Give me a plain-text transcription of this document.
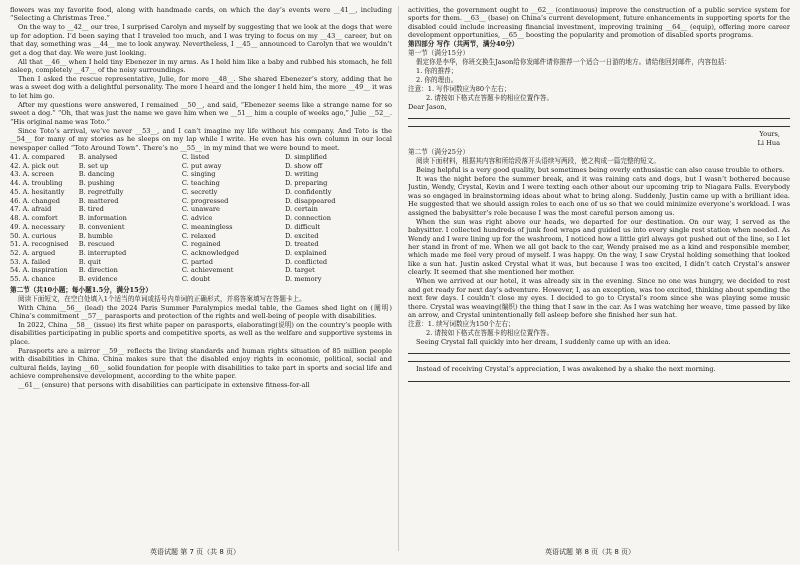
flowers was my favorite food, along with handmade cards, on which the day’s events were __41__, including “Selecting a Christmas Tree.”

On the way to __42__ our tree, I surprised Carolyn and myself by suggesting that we look at the dogs that were up for adoption. I’d been saying that I traveled too much, and I was trying to focus on my __43__ career, but on that day, something was __44__ me to look anyway. Nevertheless, I __45__ announced to Carolyn that we wouldn’t get a dog that day. We were just looking.

All that __46__ when I held tiny Ebenezer in my arms. As I held him like a baby and rubbed his stomach, he fell asleep, completely __47__ of the noisy surroundings.

Then I asked the rescue representative, Julie, for more __48__. She shared Ebenezer’s story, adding that he was a sweet dog with a delightful personality. The more I heard and the longer I held him, the more __49__ it was to let him go.

After my questions were answered, I remained __50__, and said, “Ebenezer seems like a strange name for so sweet a dog.” “Oh, that was just the name we gave him when we __51__ him a couple of weeks ago,” Julie __52__. “His original name was Toto.”

Since Toto’s arrival, we’ve never __53__, and I can’t imagine my life without his company. And Toto is the __54__ for many of my stories as he sleeps on my lap while I write. He even has his own column in our local newspaper called “Toto Around Town”. There’s no __55__ in my mind that we were bound to meet.

41. A. compared	B. analysed	C. listed	D. simplified
42. A. pick out	B. set up	C. put away	D. show off
43. A. screen	B. dancing	C. singing	D. writing
44. A. troubling	B. pushing	C. teaching	D. preparing
45. A. hesitantly	B. regretfully	C. secretly	D. confidently
46. A. changed	B. mattered	C. progressed	D. disappeared
47. A. afraid	B. tired	C. unaware	D. certain
48. A. comfort	B. information	C. advice	D. connection
49. A. necessary	B. convenient	C. meaningless	D. difficult
50. A. curious	B. humble	C. relaxed	D. excited
51. A. recognised	B. rescued	C. regained	D. treated
52. A. argued	B. interrupted	C. acknowledged	D. explained
53. A. failed	B. quit	C. parted	D. conflicted
54. A. inspiration	B. direction	C. achievement	D. target
55. A. chance	B. evidence	C. doubt	D. memory

第二节（共10小题；每小题1.5分，满分15分）

阅读下面短文，在空白处填入1个适当的单词或括号内单词的正确形式，并将答案填写在答题卡上。

With China __56__ (lead) the 2024 Paris Summer Paralympics medal table, the Games shed light on (阐明) China’s commitment __57__ parasports and protection of the rights and well-being of people with disabilities.

In 2022, China __58__ (issue) its first white paper on parasports, elaborating(说明) on the country’s people with disabilities participating in public sports and competitive sports, as well as the welfare and supportive systems in place.

Parasports are a mirror __59__ reflects the living standards and human rights situation of 85 million people with disabilities in China. China makes sure that the disabled enjoy rights in economic, political, social and cultural fields, laying __60__ solid foundation for people with disabilities to take part in sports and social life and achieve comprehensive development, according to the white paper.

__61__ (ensure) that persons with disabilities can participate in extensive fitness-for-all

activities, the government ought to __62__ (continuous) improve the construction of a public service system for sports for them. __63__ (base) on China’s current development, future enhancements in supporting sports for the disabled could include increasing financial investment, improving training __64__ (equip), offering more career development opportunities, __65__ boosting the popularity and promotion of disabled sports programs.

第四部分 写作（共两节，满分40分）

第一节（满分15分）

假定你是李华，你班交换生Jason给你发邮件请你推荐一个适合一日游的地方。请给他回封邮件，内容包括：

1. 你的推荐；

2. 你的理由。

注意：1. 写作词数应为80个左右；

2. 请按如下格式在答题卡的相应位置作答。

Dear Jason,

Yours,

Li Hua

第二节（满分25分）

阅读下面材料，根据其内容和所给段落开头语续写两段，使之构成一篇完整的短文。

Being helpful is a very good quality, but sometimes being overly enthusiastic can also cause trouble to others.

It was the night before the summer break, and it was raining cats and dogs, but I wasn’t bothered because Justin, Wendy, Crystal, Kevin and I were texting each other about our upcoming trip to Niagara Falls. Everybody was so engaged in brainstorming ideas about what to bring along. Suddenly, Justin came up with a brilliant idea. He suggested that we should assign roles to each one of us so that we could minimize everyone’s workload. I was assigned the babysitter’s role because I was the most careful person among us.

When the sun was right above our heads, we departed for our destination. On our way, I served as the babysitter. I collected hundreds of junk food wraps and guided us into every single rest station when needed. As Wendy and I were lining up for the washroom, I noticed how a little girl always got pushed out of the line, so I let her stand in front of me. When we all got back to the car, Wendy praised me as a kind and responsible member, which made me feel very proud of myself. I was happy. On the way, I saw Crystal holding something that looked like a sun hat. Justin asked Crystal what it was, but because I was too excited, I didn’t catch Crystal’s answer clearly. It seemed that she mentioned her mother.

When we arrived at our hotel, it was already six in the evening. Since no one was hungry, we decided to rest and get ready for next day’s adventure. However, I, as an exception, was too excited, thinking about spending the next few days. I couldn’t close my eyes. I decided to go to Crystal’s room since she was playing some music there. Crystal was weaving(编织) the thing that I saw in the car. As I was watching her weave, time passed by like an arrow, and Crystal unintentionally fell asleep before she finished her sun hat.

注意：1. 续写词数应为150个左右；

2. 请按如下格式在答题卡的相应位置作答。

Seeing Crystal fall quickly into her dream, I suddenly came up with an idea.

Instead of receiving Crystal’s appreciation, I was awakened by a shake the next morning.

英语试题 第 7 页（共 8 页）	英语试题 第 8 页（共 8 页）
